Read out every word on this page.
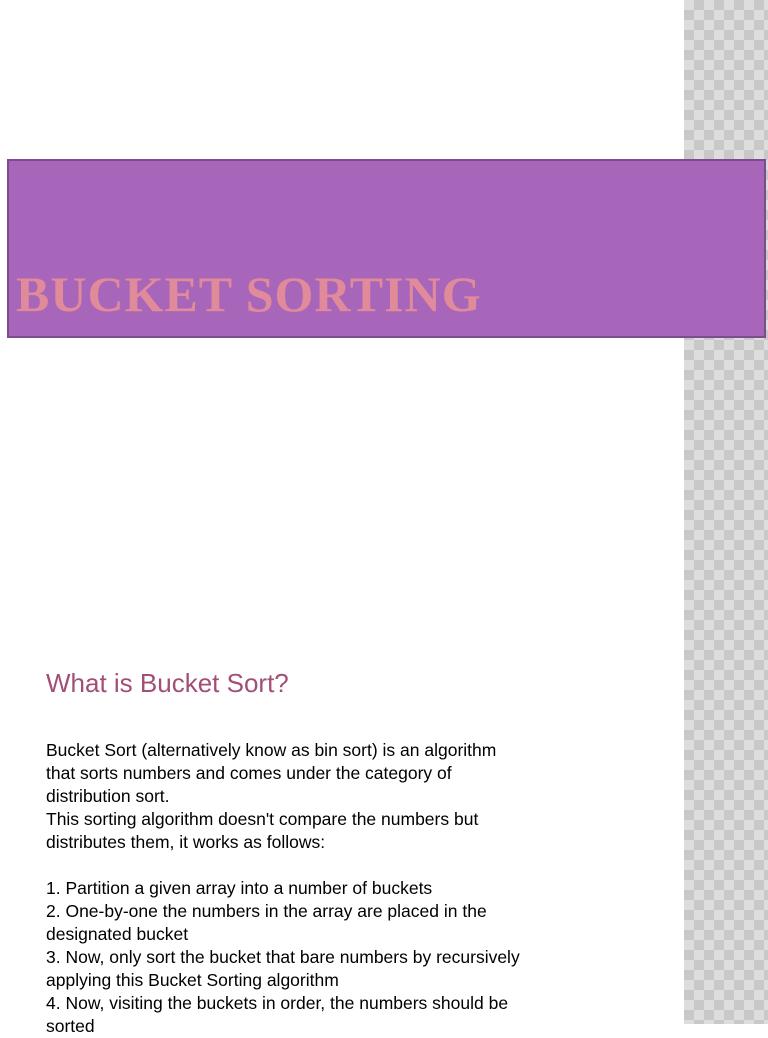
BUCKET SORTING
What is Bucket Sort?
Bucket Sort (alternatively know as bin sort) is an algorithm
that sorts numbers and comes under the category of
distribution sort.
This sorting algorithm doesn't compare the numbers but
distributes them, it works as follows:
1. Partition a given array into a number of buckets
2. One-by-one the numbers in the array are placed in the
designated bucket
3. Now, only sort the bucket that bare numbers by recursively
applying this Bucket Sorting algorithm
4. Now, visiting the buckets in order, the numbers should be
sorted
